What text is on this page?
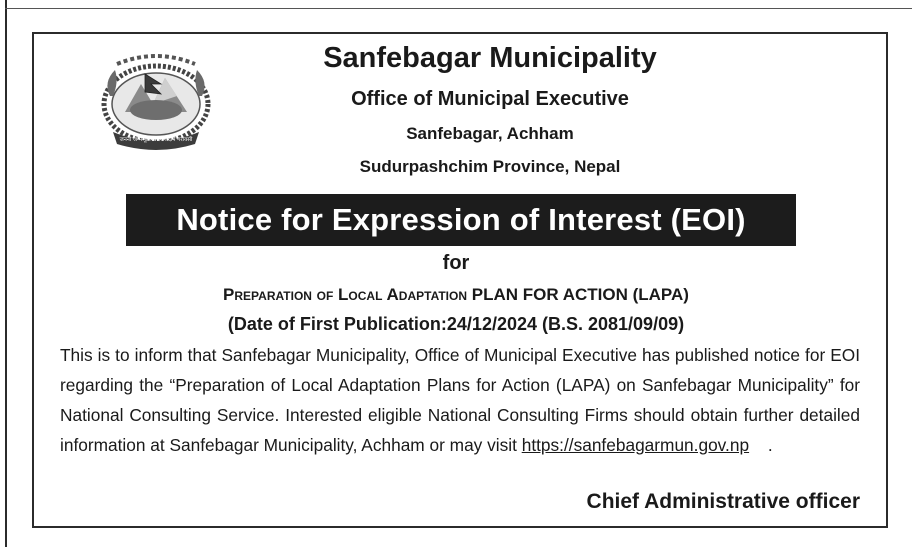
जननी जन्मभूमिश्च स्वर्गादपि गरीयसी
Sanfebagar Municipality
Office of Municipal Executive
Sanfebagar, Achham
Sudurpashchim Province, Nepal
Notice for Expression of Interest (EOI)
for
Preparation of Local Adaptation PLAN FOR ACTION (LAPA)
(Date of First Publication:24/12/2024 (B.S. 2081/09/09)
This is to inform that Sanfebagar Municipality, Office of Municipal Executive has published notice for EOI regarding the “Preparation of Local Adaptation Plans for Action (LAPA) on Sanfebagar Municipality” for National Consulting Service. Interested eligible National Consulting Firms should obtain further detailed information at Sanfebagar Municipality, Achham or may visit https://sanfebagarmun.gov.np .
Chief Administrative officer
